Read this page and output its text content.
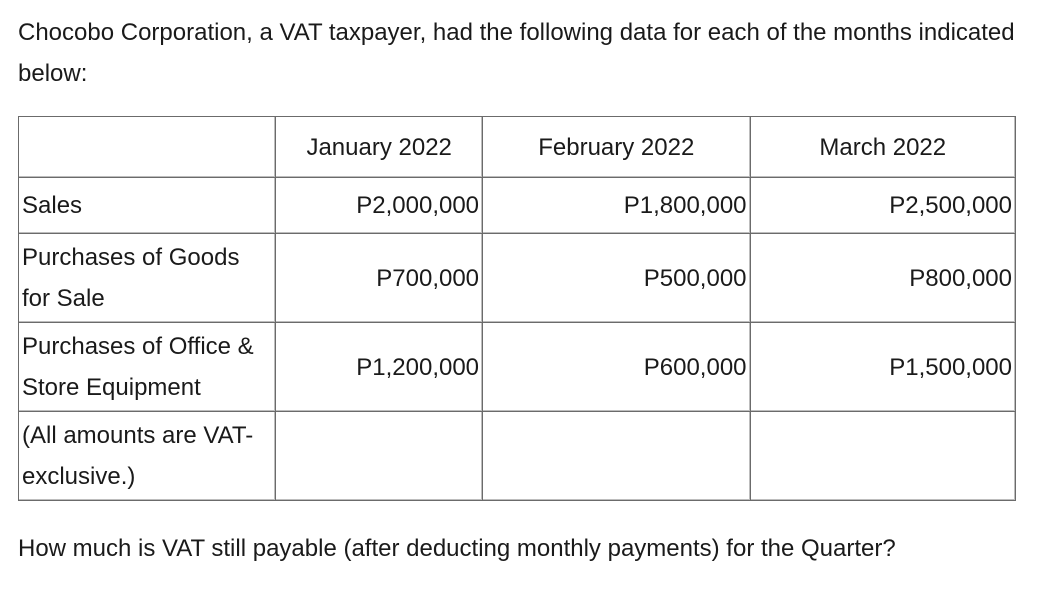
Chocobo Corporation, a VAT taxpayer, had the following data for each of the months indicated below:

	January 2022	February 2022	March 2022
Sales	P2,000,000	P1,800,000	P2,500,000
Purchases of Goods for Sale	P700,000	P500,000	P800,000
Purchases of Office & Store Equipment	P1,200,000	P600,000	P1,500,000
(All amounts are VAT-exclusive.)			

How much is VAT still payable (after deducting monthly payments) for the Quarter?
